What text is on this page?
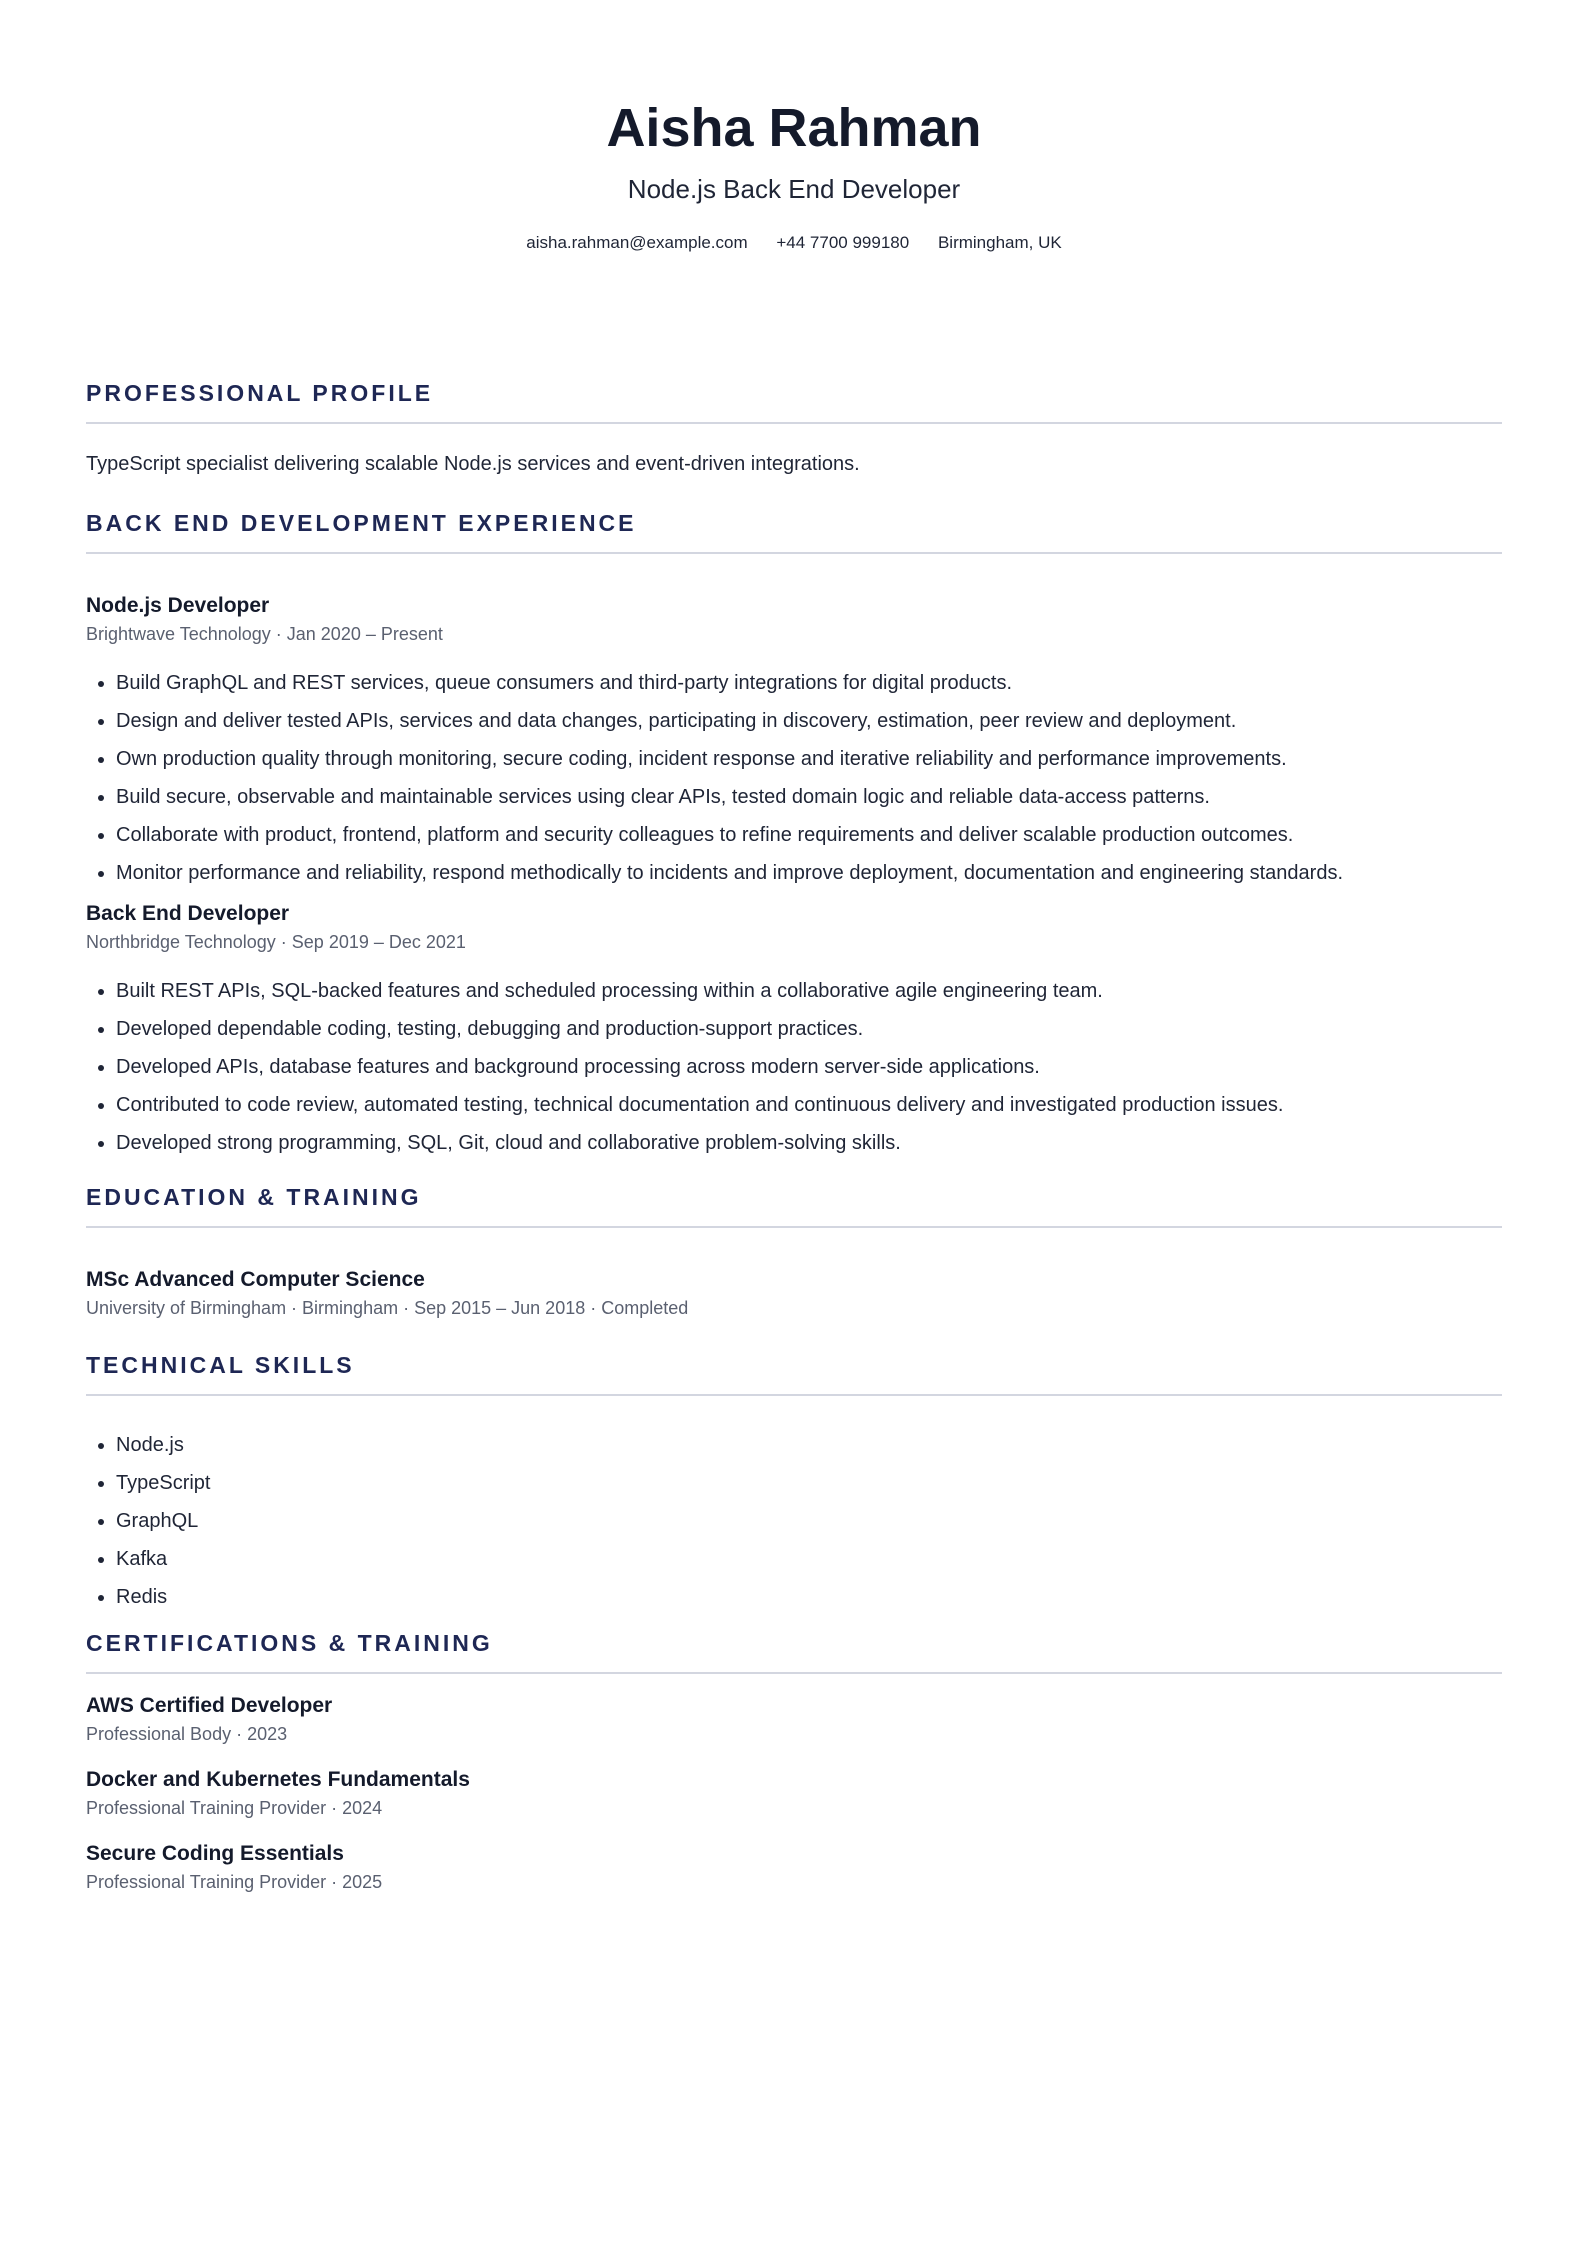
Aisha Rahman

Node.js Back End Developer

aisha.rahman@example.com +44 7700 999180 Birmingham, UK
PROFESSIONAL PROFILE

TypeScript specialist delivering scalable Node.js services and event-driven integrations.

BACK END DEVELOPMENT EXPERIENCE

Node.js Developer

Brightwave Technology · Jan 2020 – Present

• Build GraphQL and REST services, queue consumers and third-party integrations for digital products.
• Design and deliver tested APIs, services and data changes, participating in discovery, estimation, peer review and deployment.
• Own production quality through monitoring, secure coding, incident response and iterative reliability and performance improvements.
• Build secure, observable and maintainable services using clear APIs, tested domain logic and reliable data-access patterns.
• Collaborate with product, frontend, platform and security colleagues to refine requirements and deliver scalable production outcomes.
• Monitor performance and reliability, respond methodically to incidents and improve deployment, documentation and engineering standards.

Back End Developer

Northbridge Technology · Sep 2019 – Dec 2021

• Built REST APIs, SQL-backed features and scheduled processing within a collaborative agile engineering team.
• Developed dependable coding, testing, debugging and production-support practices.
• Developed APIs, database features and background processing across modern server-side applications.
• Contributed to code review, automated testing, technical documentation and continuous delivery and investigated production issues.
• Developed strong programming, SQL, Git, cloud and collaborative problem-solving skills.
EDUCATION & TRAINING

MSc Advanced Computer Science

University of Birmingham · Birmingham · Sep 2015 – Jun 2018 · Completed

TECHNICAL SKILLS
• Node.js
• TypeScript
• GraphQL
• Kafka
• Redis
CERTIFICATIONS & TRAINING

AWS Certified Developer

Professional Body · 2023

Docker and Kubernetes Fundamentals

Professional Training Provider · 2024

Secure Coding Essentials

Professional Training Provider · 2025
